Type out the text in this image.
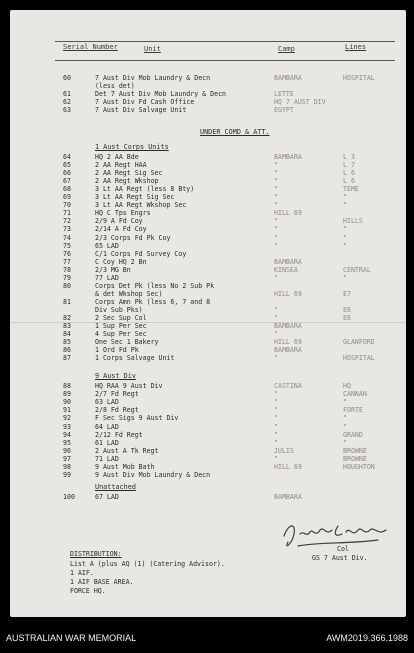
Serial Number	Unit	Camp	Lines
UNDER COMD & ATT.
1 Aust Corps Units
9 Aust Div
Unattached
Col
GS 7 Aust Div.
DISTRIBUTION:
List A (plus AQ (1) (Catering Advisor).
1 AIF.
1 AIF BASE AREA.
FORCE HQ.
60	7 Aust Div Mob Laundry & Decn	BAMBARA	HOSPITAL
(less det)
61	Det 7 Aust Div Mob Laundry & Decn	LETTE
62	7 Aust Div Fd Cash Office	HQ 7 AUST DIV
63	7 Aust Div Salvage Unit	EGYPT
64	HQ 2 AA Bde	BAMBARA	L 3
65	2 AA Regt HAA	"	L 7
66	2 AA Regt Sig Sec	"	L 6
67	2 AA Regt Wkshop	"	L 6
68	3 Lt AA Regt (less 8 Bty)	"	TEME
69	3 Lt AA Regt Sig Sec	"	"
70	3 Lt AA Regt Wkshop Sec	"	"
71	HQ C Tps Engrs	HILL 69
72	2/9 A Fd Coy	"	HILLS
73	2/14 A Fd Coy	"	"
74	2/3 Corps Fd Pk Coy	"	"
75	65 LAD	"	"
76	C/1 Corps Fd Survey Coy
77	C Coy HQ 2 Bn	BAMBARA
78	2/3 MG Bn	KINSEA	CENTRAL
79	77 LAD	"	"
80	Corps Det Pk (less No 2 Sub Pk
& det Wkshop Sec)	HILL 69	E7
81	Corps Amn Pk (less 6, 7 and 8
Div Sub Pks)	"	E6
82	2 Sec Sup Col	"	E6
83	1 Sup Per Sec	BAMBARA
84	4 Sup Per Sec	"
85	One Sec 1 Bakery	HILL 69	GLANFORD
86	1 Ord Fd Pk	BAMBARA
87	1 Corps Salvage Unit	"	HOSPITAL
88	HQ RAA 9 Aust Div	CASTINA	HQ
89	2/7 Fd Regt	"	CANNAN
90	63 LAD	"	"
91	2/8 Fd Regt	"	FORTE
92	F Sec Sigs 9 Aust Div	"	"
93	64 LAD	"	"
94	2/12 Fd Regt	"	GRAND
95	61 LAD	"	"
96	2 Aust A Tk Regt	JULIS	BROWNE
97	71 LAD	"	BROWNE
98	9 Aust Mob Bath	HILL 69	HOUGHTON
99	9 Aust Div Mob Laundry & Decn
100	67 LAD	BAMBARA
AUSTRALIAN WAR MEMORIAL	AWM2019.366.1988
